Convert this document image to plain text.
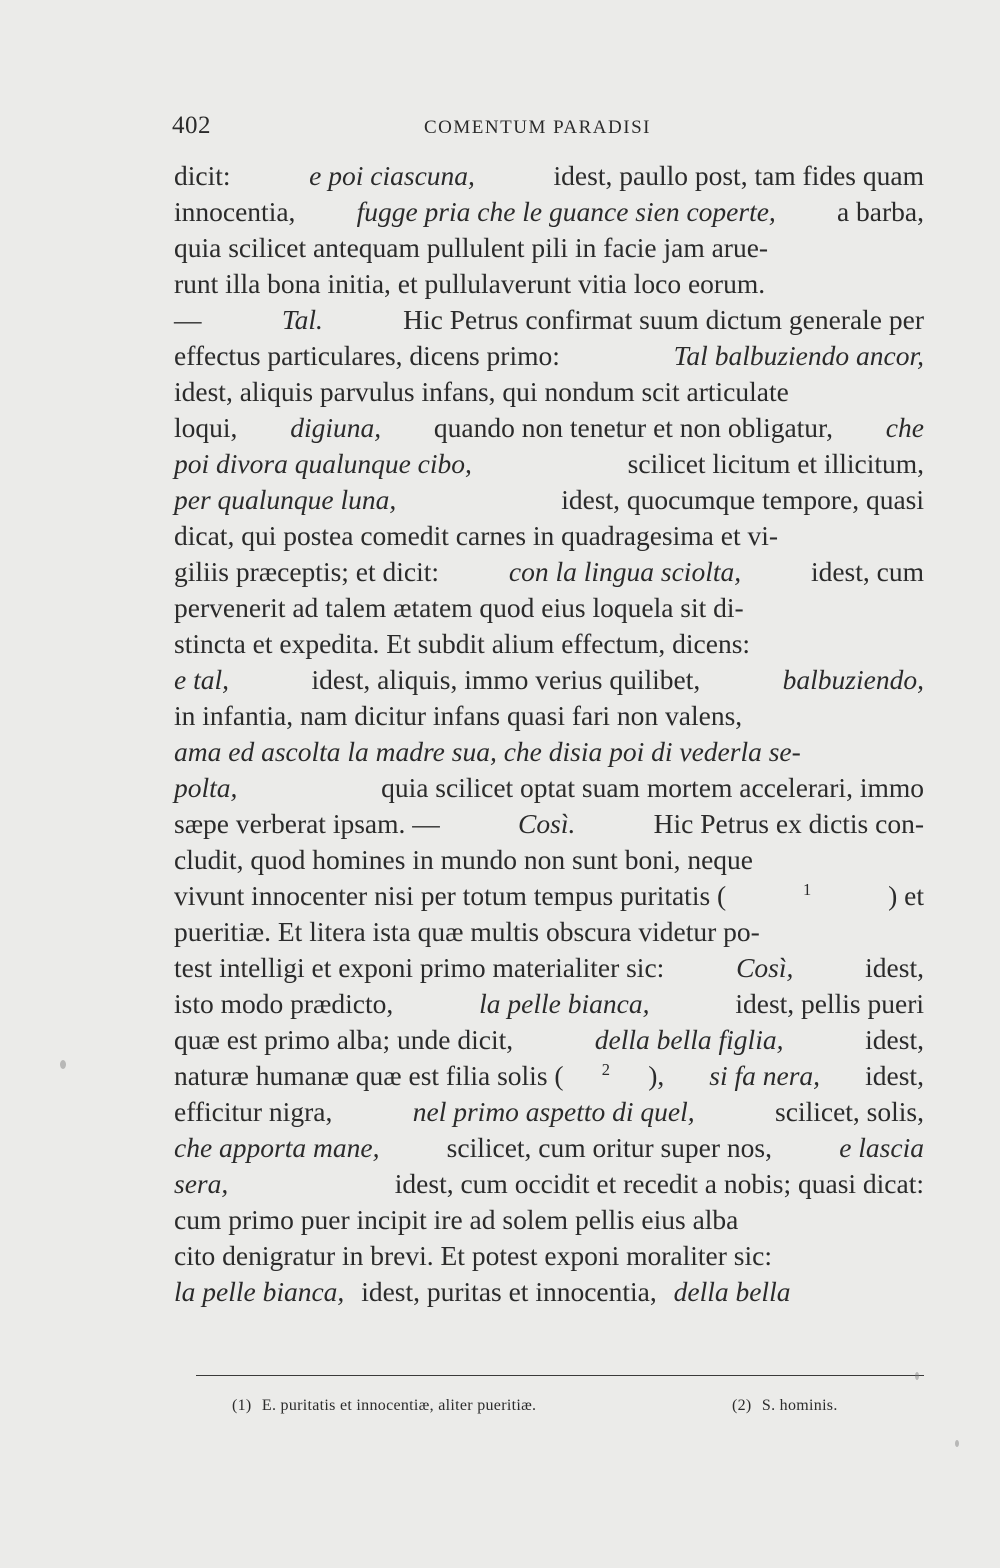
402	COMENTUM PARADISI
dicit:	e poi ciascuna,	idest, paullo post, tam fides quam
innocentia, fugge pria che le guance sien coperte, a barba,
quia scilicet antequam pullulent pili in facie jam arue-
runt illa bona initia, et pullulaverunt vitia loco eorum.
—	Tal.	Hic Petrus confirmat suum dictum generale per
effectus particulares, dicens primo:	Tal balbuziendo ancor,
idest, aliquis parvulus infans, qui nondum scit articulate
loqui, digiuna, quando non tenetur et non obligatur, che
poi divora qualunque cibo,	scilicet licitum et illicitum,
per qualunque luna,	idest, quocumque tempore, quasi
dicat, qui postea comedit carnes in quadragesima et vi-
giliis præceptis; et dicit: con la lingua sciolta, idest, cum
pervenerit ad talem ætatem quod eius loquela sit di-
stincta et expedita. Et subdit alium effectum, dicens:
e tal,	idest, aliquis, immo verius quilibet,	balbuziendo,
in infantia, nam dicitur infans quasi fari non valens,
ama ed ascolta la madre sua, che disia poi di vederla se-
polta,	quia scilicet optat suam mortem accelerari, immo
sæpe verberat ipsam. —	Così.	Hic Petrus ex dictis con-
cludit, quod homines in mundo non sunt boni, neque
vivunt innocenter nisi per totum tempus puritatis (	$^1$	) et
pueritiæ. Et litera ista quæ multis obscura videtur po-
test intelligi et exponi primo materialiter sic: Così, idest,
isto modo prædicto,	la pelle bianca,	idest, pellis pueri
quæ est primo alba; unde dicit,	della bella figlia,	idest,
naturæ humanæ quæ est filia solis ( $^2$ ), si fa nera, idest,
efficitur nigra,	nel primo aspetto di quel,	scilicet, solis,
che apporta mane, scilicet, cum oritur super nos, e lascia
sera,	idest, cum occidit et recedit a nobis; quasi dicat:
cum primo puer incipit ire ad solem pellis eius alba
cito denigratur in brevi. Et potest exponi moraliter sic:
la pelle bianca, idest, puritas et innocentia, della bella
(1) E. puritatis et innocentiæ, aliter pueritiæ.	(2) S. hominis.
